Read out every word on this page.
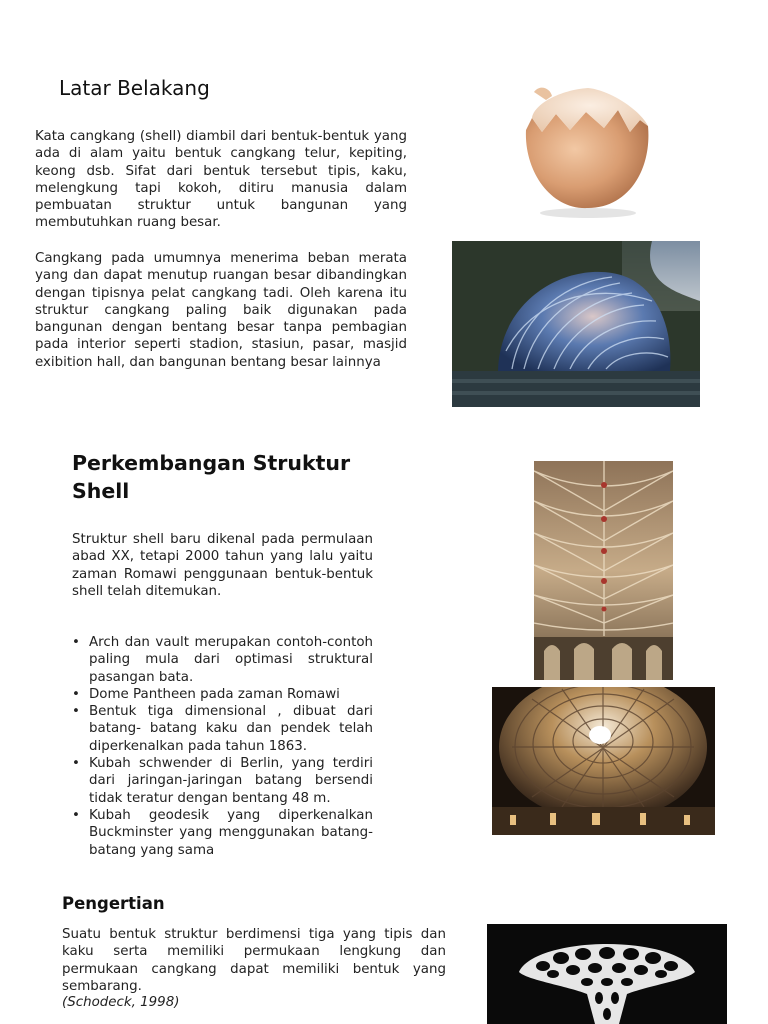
Latar Belakang

Kata cangkang (shell) diambil dari bentuk-bentuk yang ada di alam yaitu bentuk cangkang telur, kepiting, keong dsb. Sifat dari bentuk tersebut tipis, kaku, melengkung tapi kokoh, ditiru manusia dalam pembuatan struktur untuk bangunan yang membutuhkan ruang besar.

Cangkang pada umumnya menerima beban merata yang dan dapat menutup ruangan besar dibandingkan dengan tipisnya pelat cangkang tadi. Oleh karena itu struktur cangkang paling baik digunakan pada bangunan dengan bentang besar tanpa pembagian pada interior seperti stadion, stasiun, pasar, masjid exibition hall, dan bangunan bentang besar lainnya

Perkembangan Struktur Shell

Struktur shell baru dikenal pada permulaan abad XX, tetapi 2000 tahun yang lalu yaitu zaman Romawi penggunaan bentuk-bentuk shell telah ditemukan.

• Arch dan vault merupakan contoh-contoh paling mula dari optimasi struktural pasangan bata.
• Dome Pantheen pada zaman Romawi
• Bentuk tiga dimensional , dibuat dari batang- batang kaku dan pendek telah diperkenalkan pada tahun 1863.
• Kubah schwender di Berlin, yang terdiri dari jaringan-jaringan batang bersendi tidak teratur dengan bentang 48 m.
• Kubah geodesik yang diperkenalkan Buckminster yang menggunakan batang-batang yang sama
Pengertian

Suatu bentuk struktur berdimensi tiga yang tipis dan kaku serta memiliki permukaan lengkung dan permukaan cangkang dapat memiliki bentuk yang sembarang.

(Schodeck, 1998)
